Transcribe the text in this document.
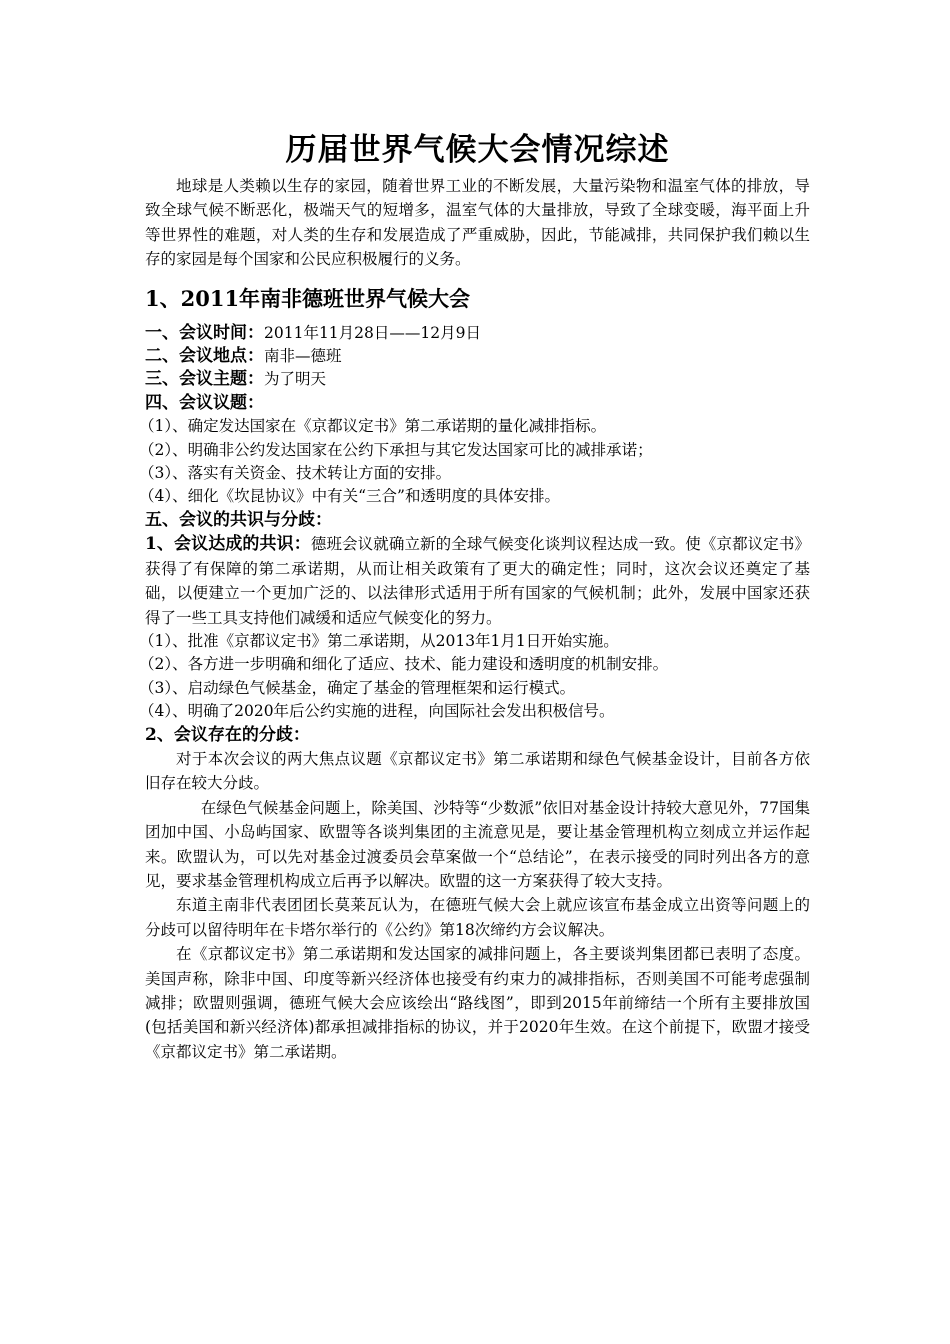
历届世界气候大会情况综述

地球是人类赖以生存的家园，随着世界工业的不断发展，大量污染物和温室气体的排放，导致全球气候不断恶化，极端天气的短增多，温室气体的大量排放，导致了全球变暖，海平面上升等世界性的难题，对人类的生存和发展造成了严重威胁，因此，节能减排，共同保护我们赖以生存的家园是每个国家和公民应积极履行的义务。

1、2011年南非德班世界气候大会

一、会议时间：2011年11月28日——12月9日

二、会议地点：南非—德班

三、会议主题：为了明天

四、会议议题：

（1）、确定发达国家在《京都议定书》第二承诺期的量化减排指标。

（2）、明确非公约发达国家在公约下承担与其它发达国家可比的减排承诺；

（3）、落实有关资金、技术转让方面的安排。

（4）、细化《坎昆协议》中有关“三合”和透明度的具体安排。

五、会议的共识与分歧：

1、会议达成的共识：德班会议就确立新的全球气候变化谈判议程达成一致。使《京都议定书》获得了有保障的第二承诺期，从而让相关政策有了更大的确定性；同时，这次会议还奠定了基础，以便建立一个更加广泛的、以法律形式适用于所有国家的气候机制；此外，发展中国家还获得了一些工具支持他们减缓和适应气候变化的努力。

（1）、批准《京都议定书》第二承诺期，从2013年1月1日开始实施。

（2）、各方进一步明确和细化了适应、技术、能力建设和透明度的机制安排。

（3）、启动绿色气候基金，确定了基金的管理框架和运行模式。

（4）、明确了2020年后公约实施的进程，向国际社会发出积极信号。

2、会议存在的分歧：

对于本次会议的两大焦点议题《京都议定书》第二承诺期和绿色气候基金设计，目前各方依旧存在较大分歧。

在绿色气候基金问题上，除美国、沙特等“少数派”依旧对基金设计持较大意见外，77国集团加中国、小岛屿国家、欧盟等各谈判集团的主流意见是，要让基金管理机构立刻成立并运作起来。欧盟认为，可以先对基金过渡委员会草案做一个“总结论”，在表示接受的同时列出各方的意见，要求基金管理机构成立后再予以解决。欧盟的这一方案获得了较大支持。

东道主南非代表团团长莫莱瓦认为，在德班气候大会上就应该宣布基金成立出资等问题上的分歧可以留待明年在卡塔尔举行的《公约》第18次缔约方会议解决。

在《京都议定书》第二承诺期和发达国家的减排问题上，各主要谈判集团都已表明了态度。美国声称，除非中国、印度等新兴经济体也接受有约束力的减排指标，否则美国不可能考虑强制减排；欧盟则强调，德班气候大会应该绘出“路线图”，即到2015年前缔结一个所有主要排放国(包括美国和新兴经济体)都承担减排指标的协议，并于2020年生效。在这个前提下，欧盟才接受《京都议定书》第二承诺期。
